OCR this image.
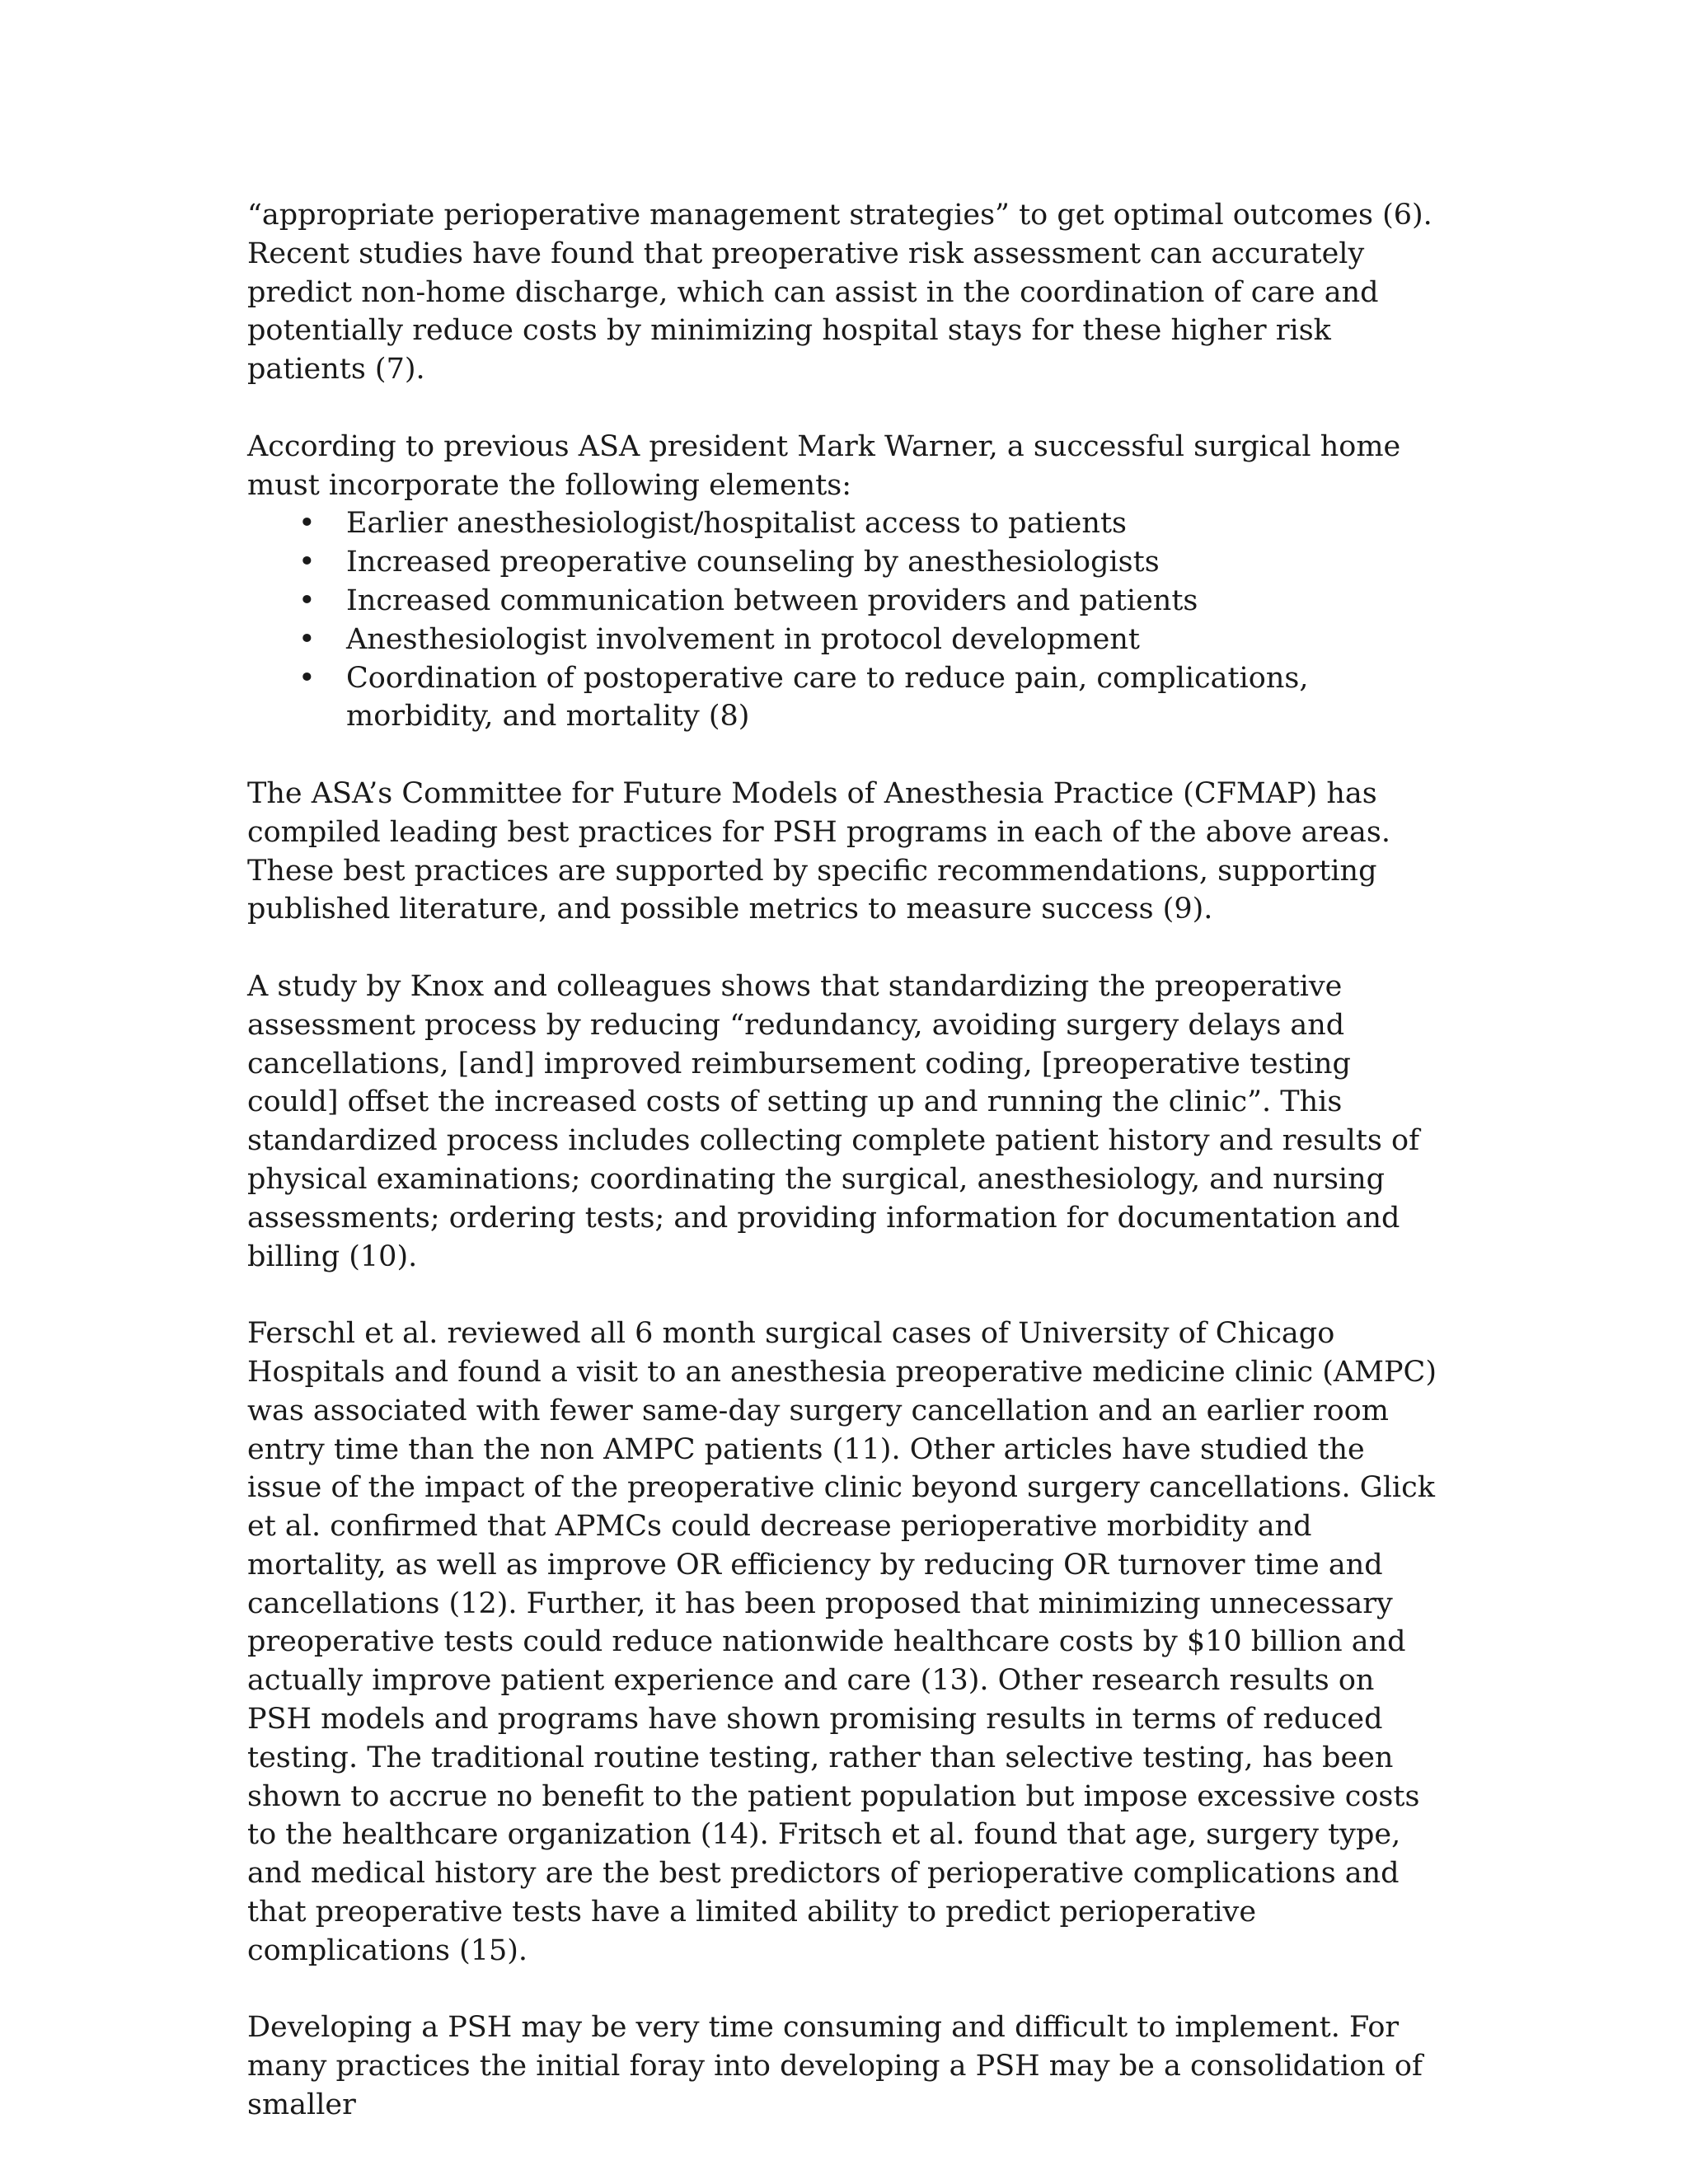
“appropriate perioperative management strategies” to get optimal outcomes (6). Recent studies have found that preoperative risk assessment can accurately predict non-home discharge, which can assist in the coordination of care and potentially reduce costs by minimizing hospital stays for these higher risk patients (7).

According to previous ASA president Mark Warner, a successful surgical home must incorporate the following elements:

• Earlier anesthesiologist/hospitalist access to patients
• Increased preoperative counseling by anesthesiologists
• Increased communication between providers and patients
• Anesthesiologist involvement in protocol development
• Coordination of postoperative care to reduce pain, complications, morbidity, and mortality (8)

The ASA’s Committee for Future Models of Anesthesia Practice (CFMAP) has compiled leading best practices for PSH programs in each of the above areas. These best practices are supported by specific recommendations, supporting published literature, and possible metrics to measure success (9).

A study by Knox and colleagues shows that standardizing the preoperative assessment process by reducing “redundancy, avoiding surgery delays and cancellations, [and] improved reimbursement coding, [preoperative testing could] offset the increased costs of setting up and running the clinic”. This standardized process includes collecting complete patient history and results of physical examinations; coordinating the surgical, anesthesiology, and nursing assessments; ordering tests; and providing information for documentation and billing (10).

Ferschl et al. reviewed all 6 month surgical cases of University of Chicago Hospitals and found a visit to an anesthesia preoperative medicine clinic (AMPC) was associated with fewer same-day surgery cancellation and an earlier room entry time than the non AMPC patients (11). Other articles have studied the issue of the impact of the preoperative clinic beyond surgery cancellations. Glick et al. confirmed that APMCs could decrease perioperative morbidity and mortality, as well as improve OR efficiency by reducing OR turnover time and cancellations (12). Further, it has been proposed that minimizing unnecessary preoperative tests could reduce nationwide healthcare costs by $10 billion and actually improve patient experience and care (13). Other research results on PSH models and programs have shown promising results in terms of reduced testing. The traditional routine testing, rather than selective testing, has been shown to accrue no benefit to the patient population but impose excessive costs to the healthcare organization (14). Fritsch et al. found that age, surgery type, and medical history are the best predictors of perioperative complications and that preoperative tests have a limited ability to predict perioperative complications (15).

Developing a PSH may be very time consuming and difficult to implement. For many practices the initial foray into developing a PSH may be a consolidation of smaller
